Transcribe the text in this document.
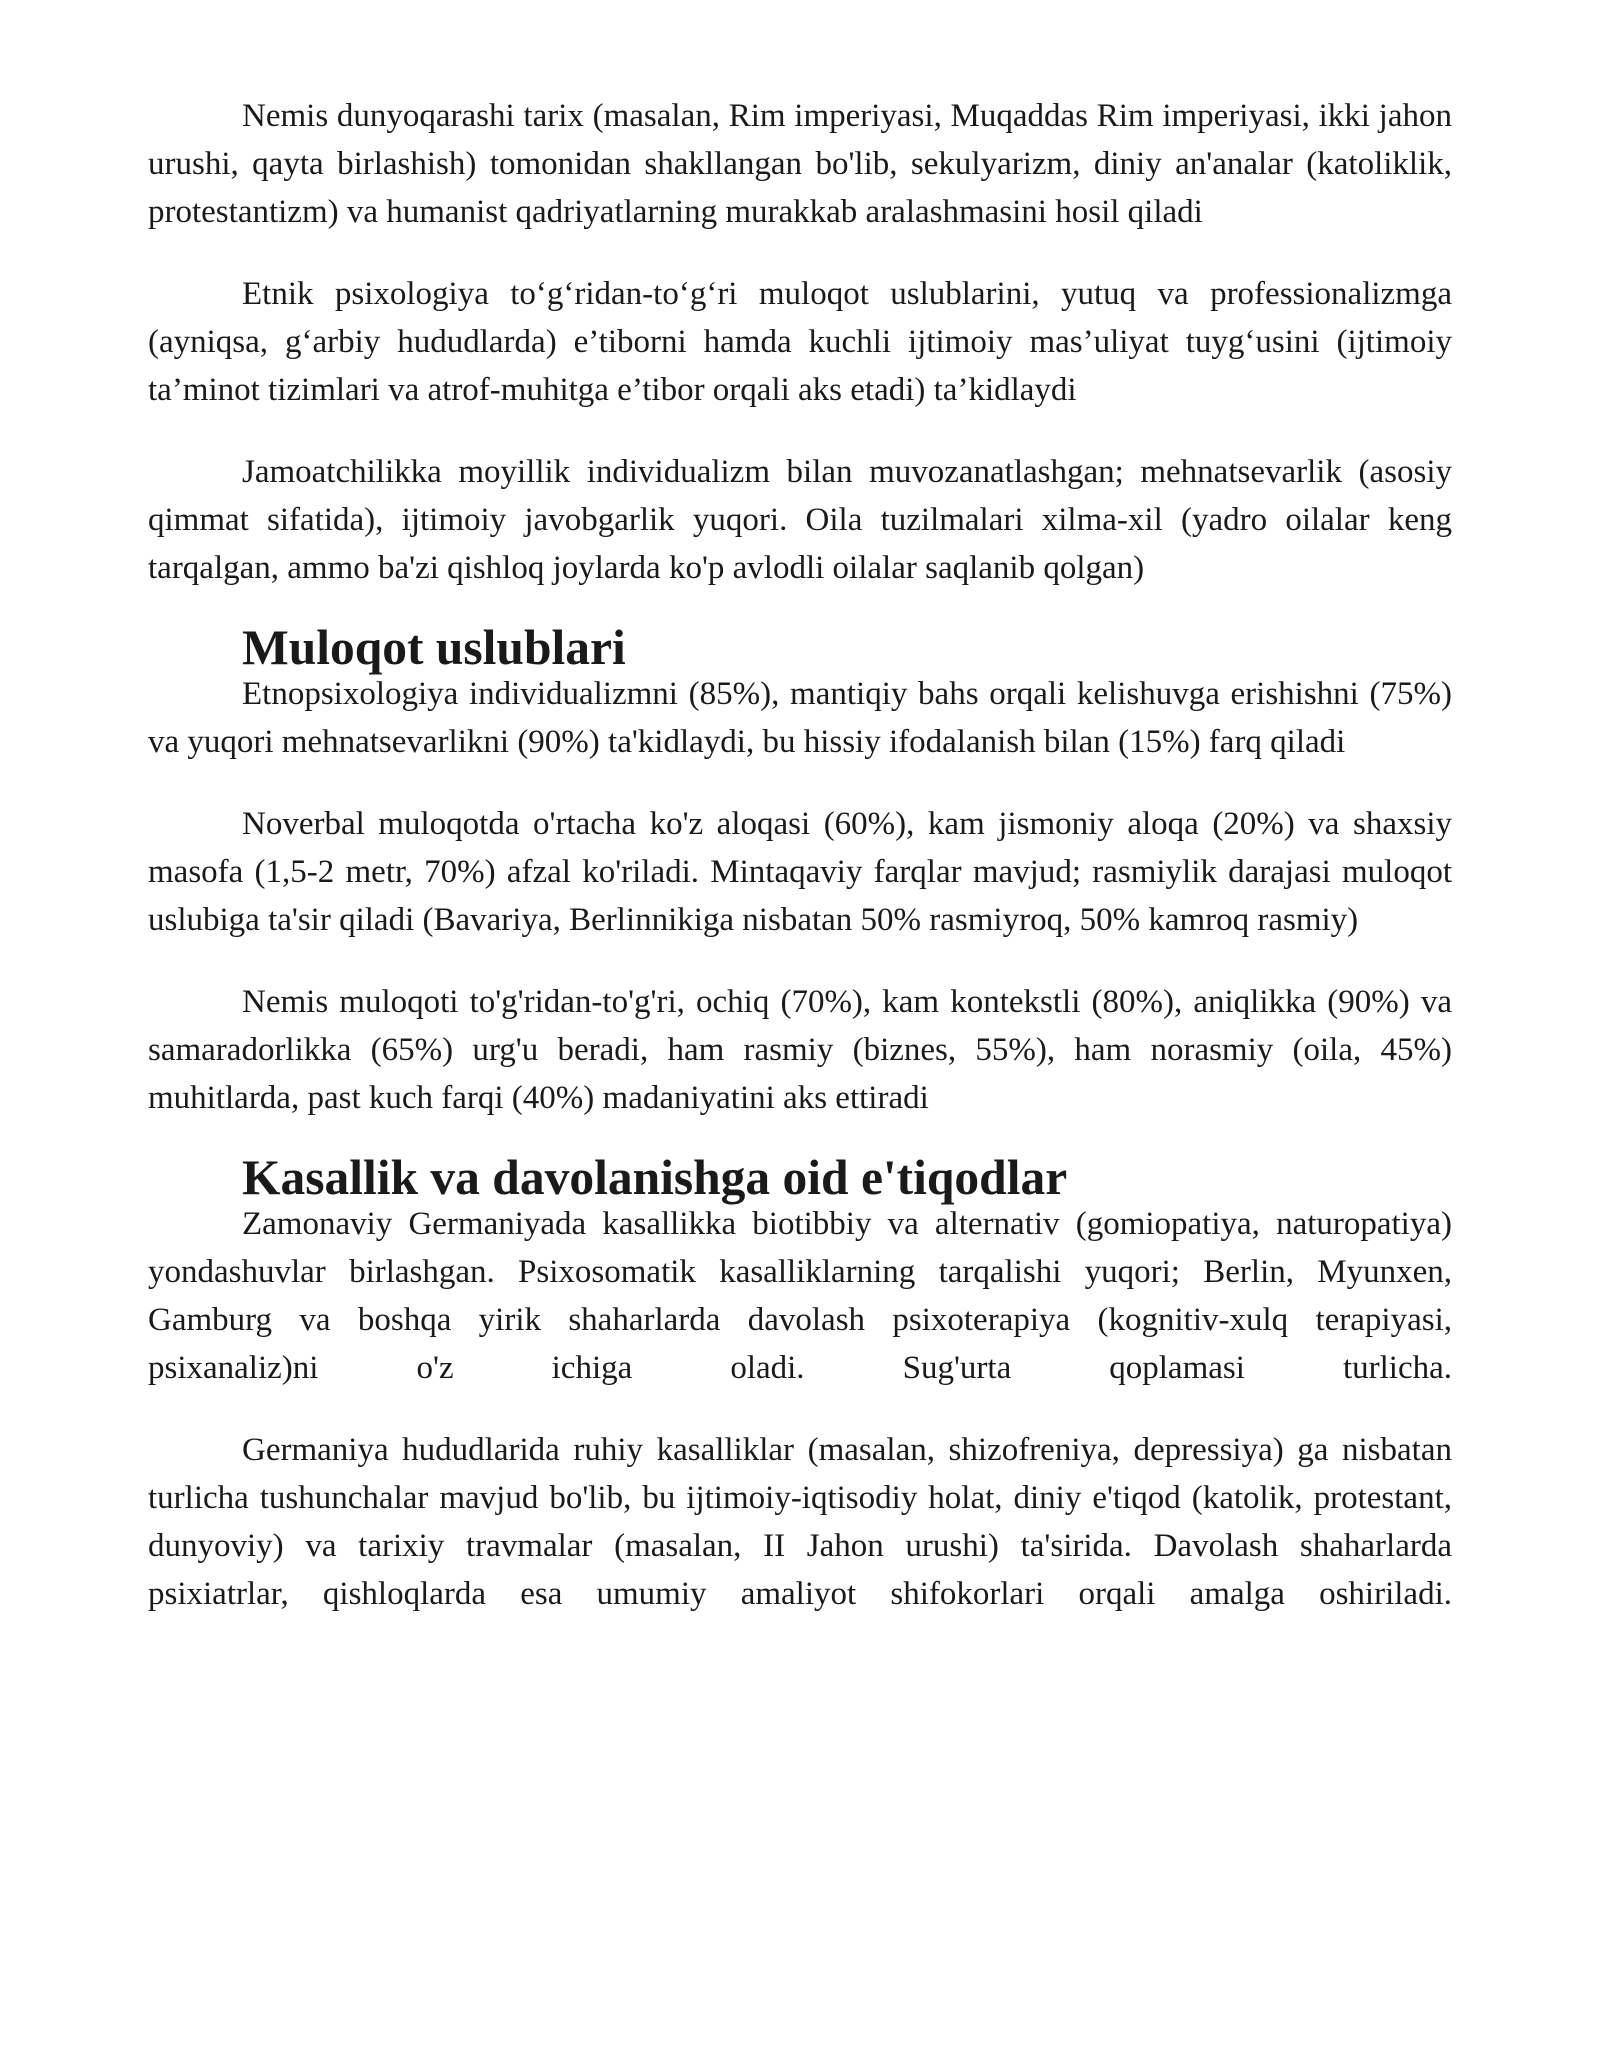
Nemis dunyoqarashi tarix (masalan, Rim imperiyasi, Muqaddas Rim imperiyasi, ikki jahon urushi, qayta birlashish) tomonidan shakllangan bo'lib, sekulyarizm, diniy an'analar (katoliklik, protestantizm) va humanist qadriyatlarning murakkab aralashmasini hosil qiladi

Etnik psixologiya to‘g‘ridan-to‘g‘ri muloqot uslublarini, yutuq va professionalizmga (ayniqsa, g‘arbiy hududlarda) e’tiborni hamda kuchli ijtimoiy mas’uliyat tuyg‘usini (ijtimoiy ta’minot tizimlari va atrof-muhitga e’tibor orqali aks etadi) ta’kidlaydi

Jamoatchilikka moyillik individualizm bilan muvozanatlashgan; mehnatsevarlik (asosiy qimmat sifatida), ijtimoiy javobgarlik yuqori. Oila tuzilmalari xilma-xil (yadro oilalar keng tarqalgan, ammo ba'zi qishloq joylarda ko'p avlodli oilalar saqlanib qolgan)

Muloqot uslublari

Etnopsixologiya individualizmni (85%), mantiqiy bahs orqali kelishuvga erishishni (75%) va yuqori mehnatsevarlikni (90%) ta'kidlaydi, bu hissiy ifodalanish bilan (15%) farq qiladi

Noverbal muloqotda o'rtacha ko'z aloqasi (60%), kam jismoniy aloqa (20%) va shaxsiy masofa (1,5-2 metr, 70%) afzal ko'riladi. Mintaqaviy farqlar mavjud; rasmiylik darajasi muloqot uslubiga ta'sir qiladi (Bavariya, Berlinnikiga nisbatan 50% rasmiyroq, 50% kamroq rasmiy)

Nemis muloqoti to'g'ridan-to'g'ri, ochiq (70%), kam kontekstli (80%), aniqlikka (90%) va samaradorlikka (65%) urg'u beradi, ham rasmiy (biznes, 55%), ham norasmiy (oila, 45%) muhitlarda, past kuch farqi (40%) madaniyatini aks ettiradi

Kasallik va davolanishga oid e'tiqodlar

Zamonaviy Germaniyada kasallikka biotibbiy va alternativ (gomiopatiya, naturopatiya) yondashuvlar birlashgan. Psixosomatik kasalliklarning tarqalishi yuqori; Berlin, Myunxen, Gamburg va boshqa yirik shaharlarda davolash psixoterapiya (kognitiv-xulq terapiyasi, psixanaliz)ni o'z ichiga oladi. Sug'urta qoplamasi turlicha.

Germaniya hududlarida ruhiy kasalliklar (masalan, shizofreniya, depressiya) ga nisbatan turlicha tushunchalar mavjud bo'lib, bu ijtimoiy-iqtisodiy holat, diniy e'tiqod (katolik, protestant, dunyoviy) va tarixiy travmalar (masalan, II Jahon urushi) ta'sirida. Davolash shaharlarda psixiatrlar, qishloqlarda esa umumiy amaliyot shifokorlari orqali amalga oshiriladi.
